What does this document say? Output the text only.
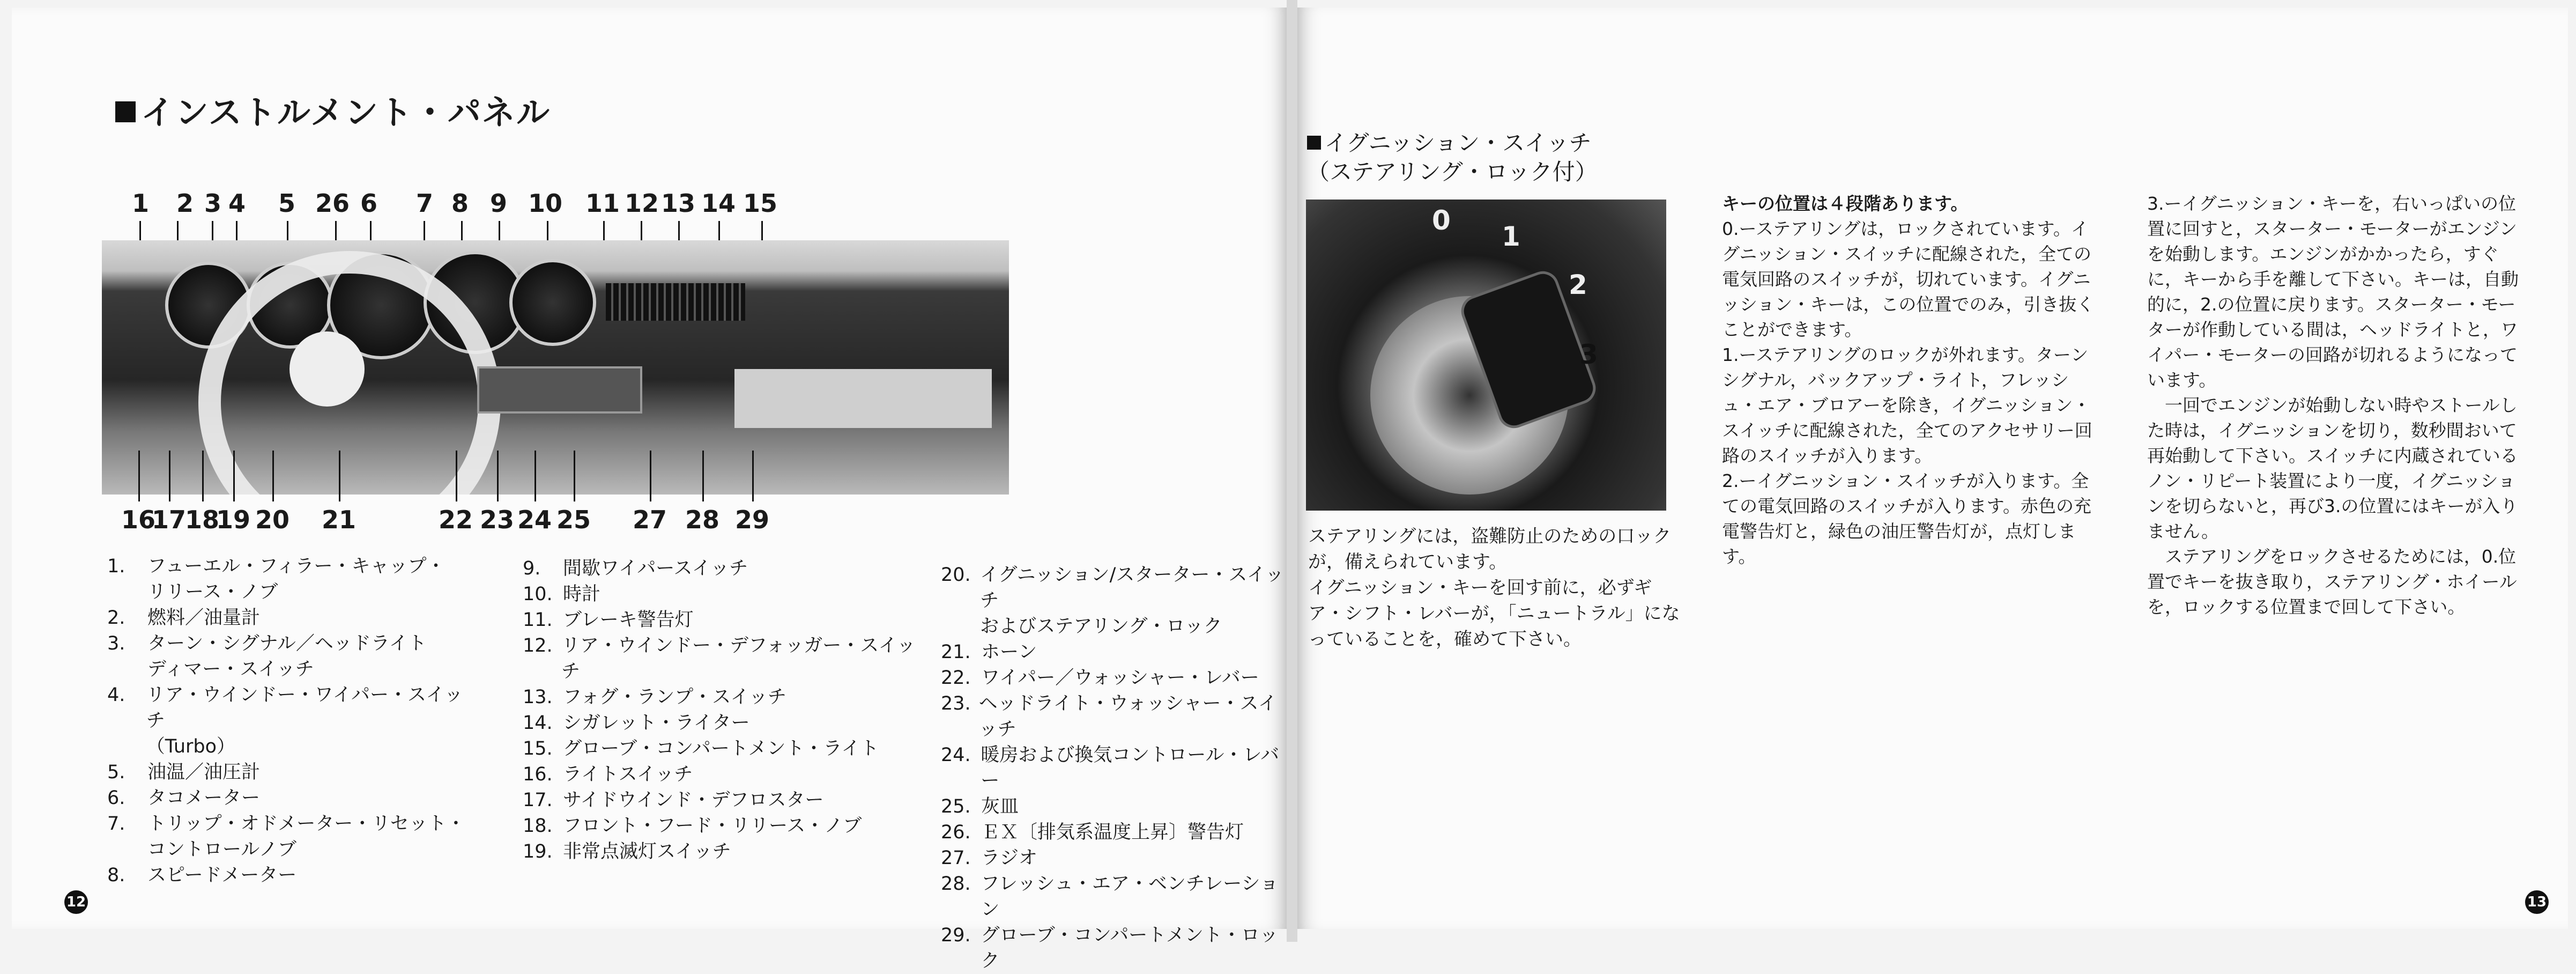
インストルメント・パネル
1 2 3 4 5 26 6 7 8 9 10 11 12 13 14 15
16
17
18
19 20 21	22 23 24 25 27 28 29
1.	フューエル・フィラー・キャップ・
リリース・ノブ
2.	燃料／油量計
3.	ターン・シグナル／ヘッドライト
ディマー・スイッチ
4.	リア・ウインドー・ワイパー・スイッチ
（Turbo）
5.	油温／油圧計
6.	タコメーター
7.	トリップ・オドメーター・リセット・
コントロールノブ
8.	スピードメーター
9.	間歇ワイパースイッチ
10. 時計
11. ブレーキ警告灯
12. リア・ウインドー・デフォッガー・スイッチ
13. フォグ・ランプ・スイッチ
14. シガレット・ライター
15. グローブ・コンパートメント・ライト
16. ライトスイッチ
17. サイドウインド・デフロスター
18. フロント・フード・リリース・ノブ
19. 非常点滅灯スイッチ
20. イグニッション/スターター・スイッチ
およびステアリング・ロック
21. ホーン
22. ワイパー／ウォッシャー・レバー
23. ヘッドライト・ウォッシャー・スイッチ
24. 暖房および換気コントロール・レバー
25. 灰皿
26. ＥＸ〔排気系温度上昇〕警告灯
27. ラジオ
28. フレッシュ・エア・ベンチレーション
29. グローブ・コンパートメント・ロック
12
イグニッション・スイッチ
（ステアリング・ロック付）
0
1
2
3
ステアリングには，盗難防止のための口ックが，備えられています。
イグニッション・キーを回す前に，必ずギア・シフト・レバーが，「ニュートラル」になっていることを，確めて下さい。

キーの位置は４段階あります。

0.ーステアリングは，ロックされています。イグニッション・スイッチに配線された，全ての電気回路のスイッチが，切れています。イグニッション・キーは，この位置でのみ，引き抜くことができます。

1.ーステアリングのロックが外れます。ターンシグナル，バックアップ・ライト，フレッシュ・エア・ブロアーを除き，イグニッション・スイッチに配線された，全てのアクセサリー回路のスイッチが入ります。

2.ーイグニッション・スイッチが入ります。全ての電気回路のスイッチが入ります。赤色の充電警告灯と，緑色の油圧警告灯が，点灯します。

3.ーイグニッション・キーを，右いっぱいの位置に回すと，スターター・モーターがエンジンを始動します。エンジンがかかったら，すぐに，キーから手を離して下さい。キーは，自動的に，2.の位置に戻ります。スターター・モーターが作動している間は，ヘッドライトと，ワイパー・モーターの回路が切れるようになっています。

一回でエンジンが始動しない時やストールした時は，イグニッションを切り，数秒間おいて再始動して下さい。スイッチに内蔵されているノン・リピート装置により一度，イグニッションを切らないと，再び3.の位置にはキーが入りません。

ステアリングをロックさせるためには，0.位置でキーを抜き取り，ステアリング・ホイールを，ロックする位置まで回して下さい。

13
